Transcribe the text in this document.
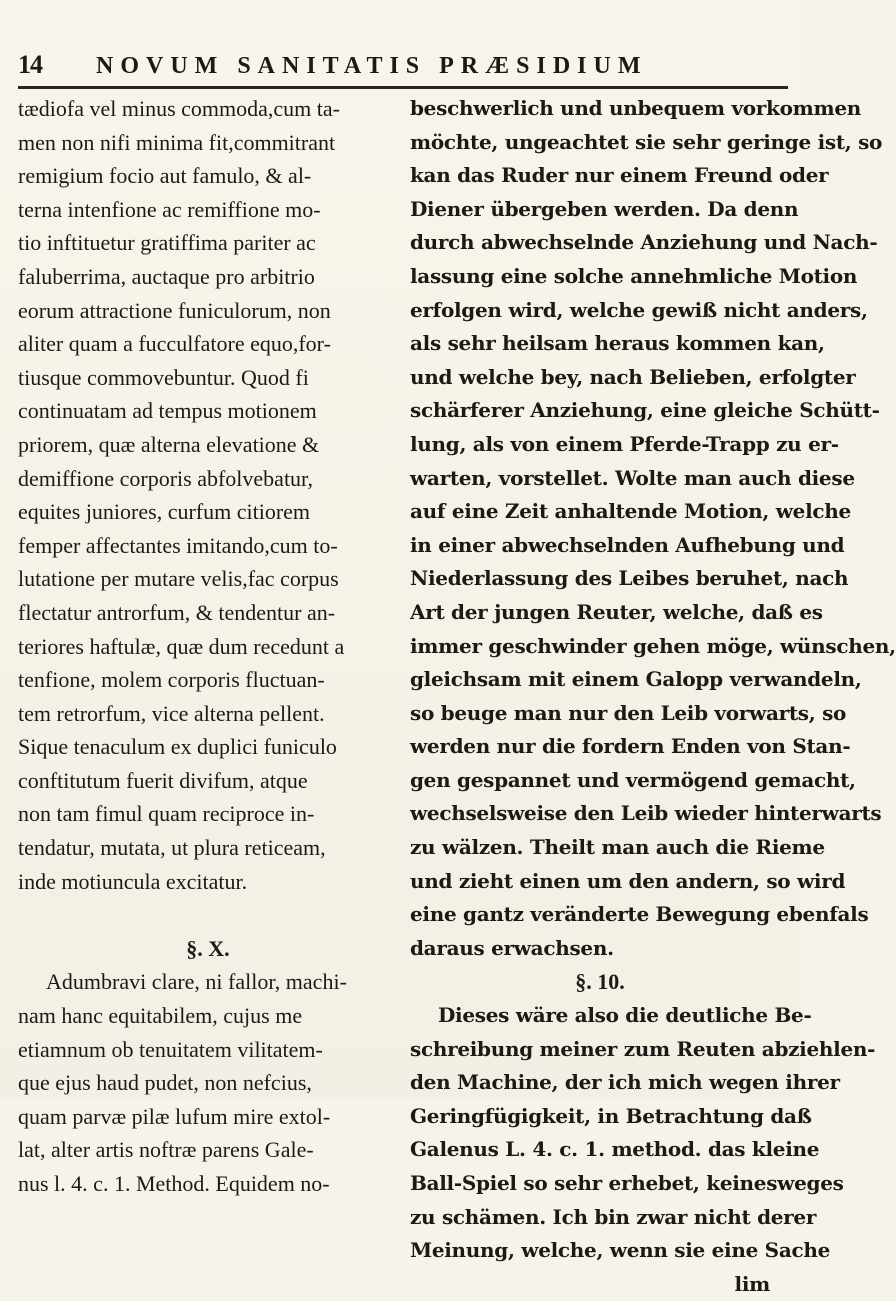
14	NOVUM SANITATIS PRÆSIDIUM
tædiofa vel minus commoda,cum ta-
men non nifi minima fit,commitrant
remigium focio aut famulo, & al-
terna intenfione ac remiffione mo-
tio inftituetur gratiffima pariter ac
faluberrima, auctaque pro arbitrio
eorum attractione funiculorum, non
aliter quam a fucculfatore equo,for-
tiusque commovebuntur. Quod fi
continuatam ad tempus motionem
priorem, quæ alterna elevatione &
demiffione corporis abfolvebatur,
equites juniores, curfum citiorem
femper affectantes imitando,cum to-
lutatione per mutare velis,fac corpus
flectatur antrorfum, & tendentur an-
teriores haftulæ, quæ dum recedunt a
tenfione, molem corporis fluctuan-
tem retrorfum, vice alterna pellent.
Sique tenaculum ex duplici funiculo
conftitutum fuerit divifum, atque
non tam fimul quam reciproce in-
tendatur, mutata, ut plura reticeam,
inde motiuncula excitatur.
§. X.
Adumbravi clare, ni fallor, machi-
nam hanc equitabilem, cujus me
etiamnum ob tenuitatem vilitatem-
que ejus haud pudet, non nefcius,
quam parvæ pilæ lufum mire extol-
lat, alter artis noftræ parens Gale-
nus l. 4. c. 1. Method. Equidem no-
beschwerlich und unbequem vorkommen
möchte, ungeachtet sie sehr geringe ist, so
kan das Ruder nur einem Freund oder
Diener übergeben werden. Da denn
durch abwechselnde Anziehung und Nach-
lassung eine solche annehmliche Motion
erfolgen wird, welche gewiß nicht anders,
als sehr heilsam heraus kommen kan,
und welche bey, nach Belieben, erfolgter
schärferer Anziehung, eine gleiche Schütt-
lung, als von einem Pferde-Trapp zu er-
warten, vorstellet. Wolte man auch diese
auf eine Zeit anhaltende Motion, welche
in einer abwechselnden Aufhebung und
Niederlassung des Leibes beruhet, nach
Art der jungen Reuter, welche, daß es
immer geschwinder gehen möge, wünschen,
gleichsam mit einem Galopp verwandeln,
so beuge man nur den Leib vorwarts, so
werden nur die fordern Enden von Stan-
gen gespannet und vermögend gemacht,
wechselsweise den Leib wieder hinterwarts
zu wälzen. Theilt man auch die Rieme
und zieht einen um den andern, so wird
eine gantz veränderte Bewegung ebenfals
daraus erwachsen.
§. 10.
Dieses wäre also die deutliche Be-
schreibung meiner zum Reuten abziehlen-
den Machine, der ich mich wegen ihrer
Geringfügigkeit, in Betrachtung daß
Galenus L. 4. c. 1. method. das kleine
Ball-Spiel so sehr erhebet, keinesweges
zu schämen. Ich bin zwar nicht derer
Meinung, welche, wenn sie eine Sache
lim
